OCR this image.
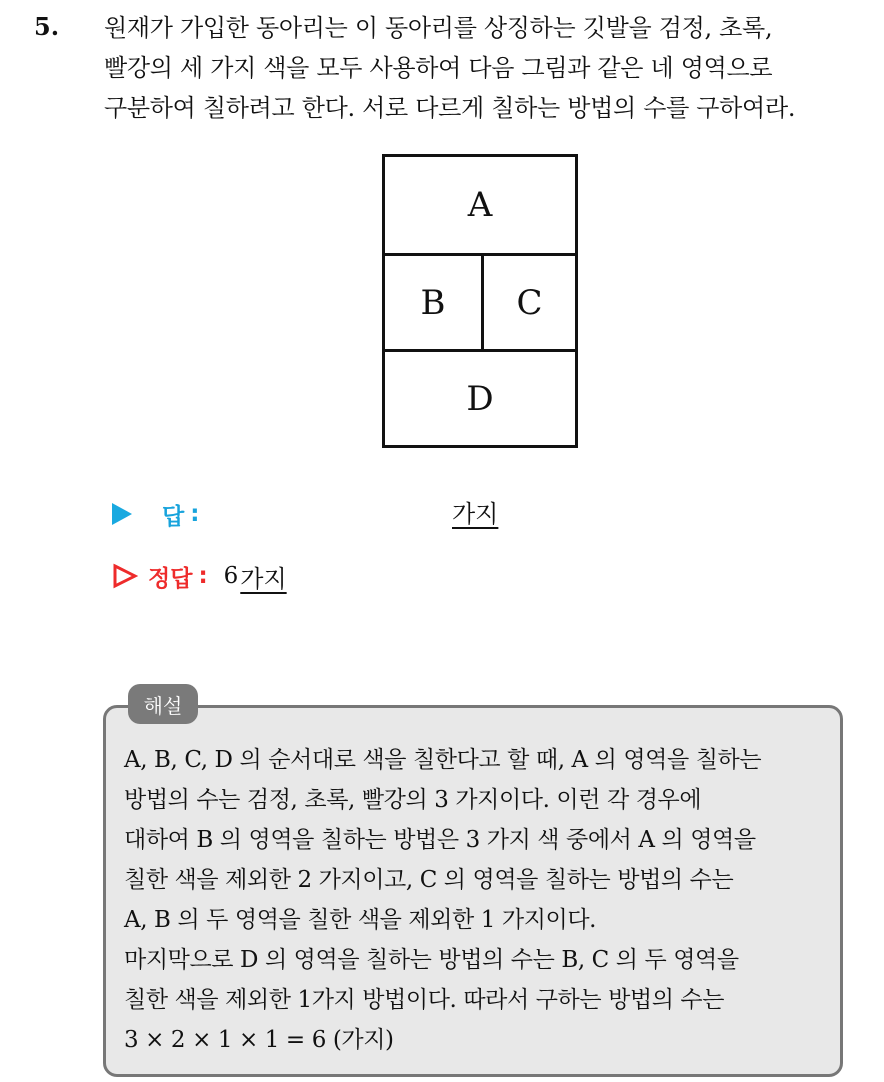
5. 원재가 가입한 동아리는 이 동아리를 상징하는 깃발을 검정, 초록,
빨강의 세 가지 색을 모두 사용하여 다음 그림과 같은 네 영역으로
구분하여 칠하려고 한다. 서로 다르게 칠하는 방법의 수를 구하여라.
A
B	C
D
답 :	가지
정답 : 6 가지
해설
A, B, C, D 의 순서대로 색을 칠한다고 할 때, A 의 영역을 칠하는
방법의 수는 검정, 초록, 빨강의 3 가지이다. 이런 각 경우에
대하여 B 의 영역을 칠하는 방법은 3 가지 색 중에서 A 의 영역을
칠한 색을 제외한 2 가지이고, C 의 영역을 칠하는 방법의 수는
A, B 의 두 영역을 칠한 색을 제외한 1 가지이다.
마지막으로 D 의 영역을 칠하는 방법의 수는 B, C 의 두 영역을
칠한 색을 제외한 1가지 방법이다. 따라서 구하는 방법의 수는
3 × 2 × 1 × 1 = 6 (가지)
